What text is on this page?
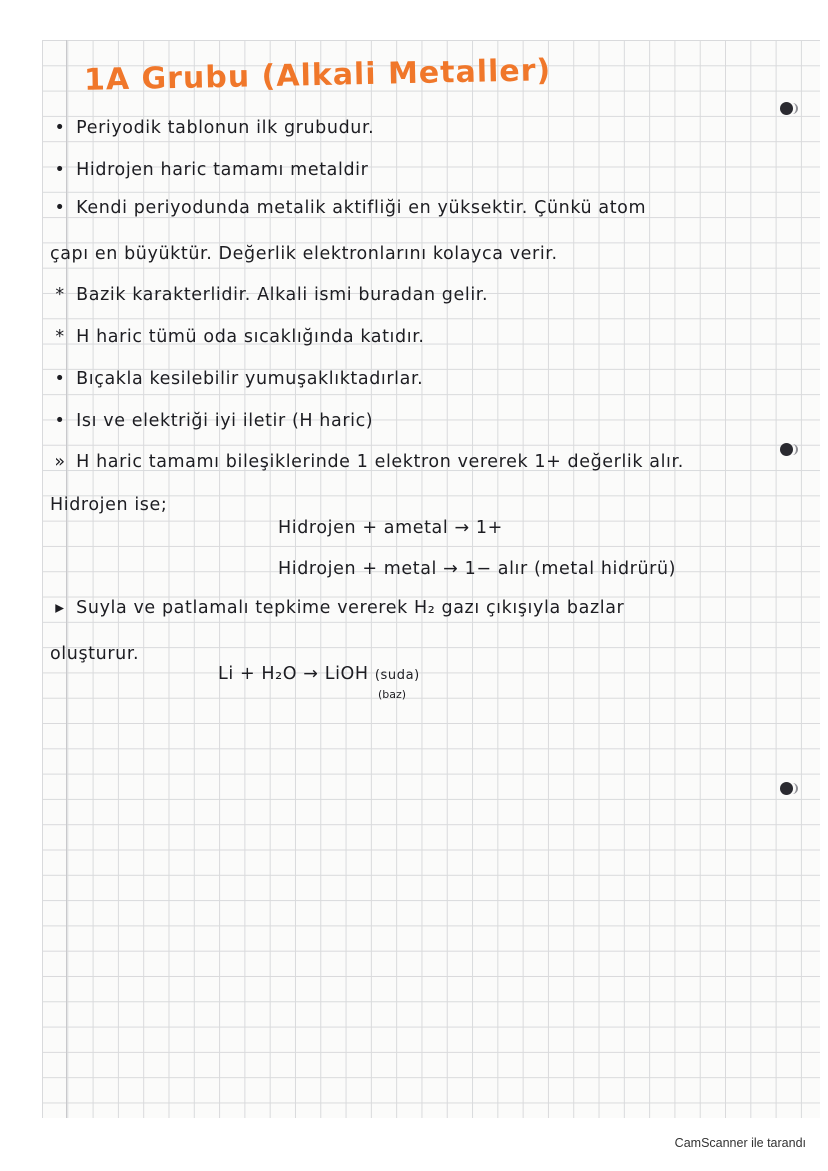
1A Grubu (Alkali Metaller)
• Periyodik tablonun ilk grubudur.
• Hidrojen haric tamamı metaldir
• Kendi periyodunda metalik aktifliği en yüksektir. Çünkü atom
çapı en büyüktür. Değerlik elektronlarını kolayca verir.
* Bazik karakterlidir. Alkali ismi buradan gelir.
* H haric tümü oda sıcaklığında katıdır.
• Bıçakla kesilebilir yumuşaklıktadırlar.
• Isı ve elektriği iyi iletir (H haric)
» H haric tamamı bileşiklerinde 1 elektron vererek 1+ değerlik alır.
Hidrojen ise;
Hidrojen + ametal → 1+
Hidrojen + metal → 1− alır (metal hidrürü)
▸ Suyla ve patlamalı tepkime vererek H₂ gazı çıkışıyla bazlar
oluşturur.
Li + H₂O → LiOH (suda)
(baz)
CamScanner ile tarandı
